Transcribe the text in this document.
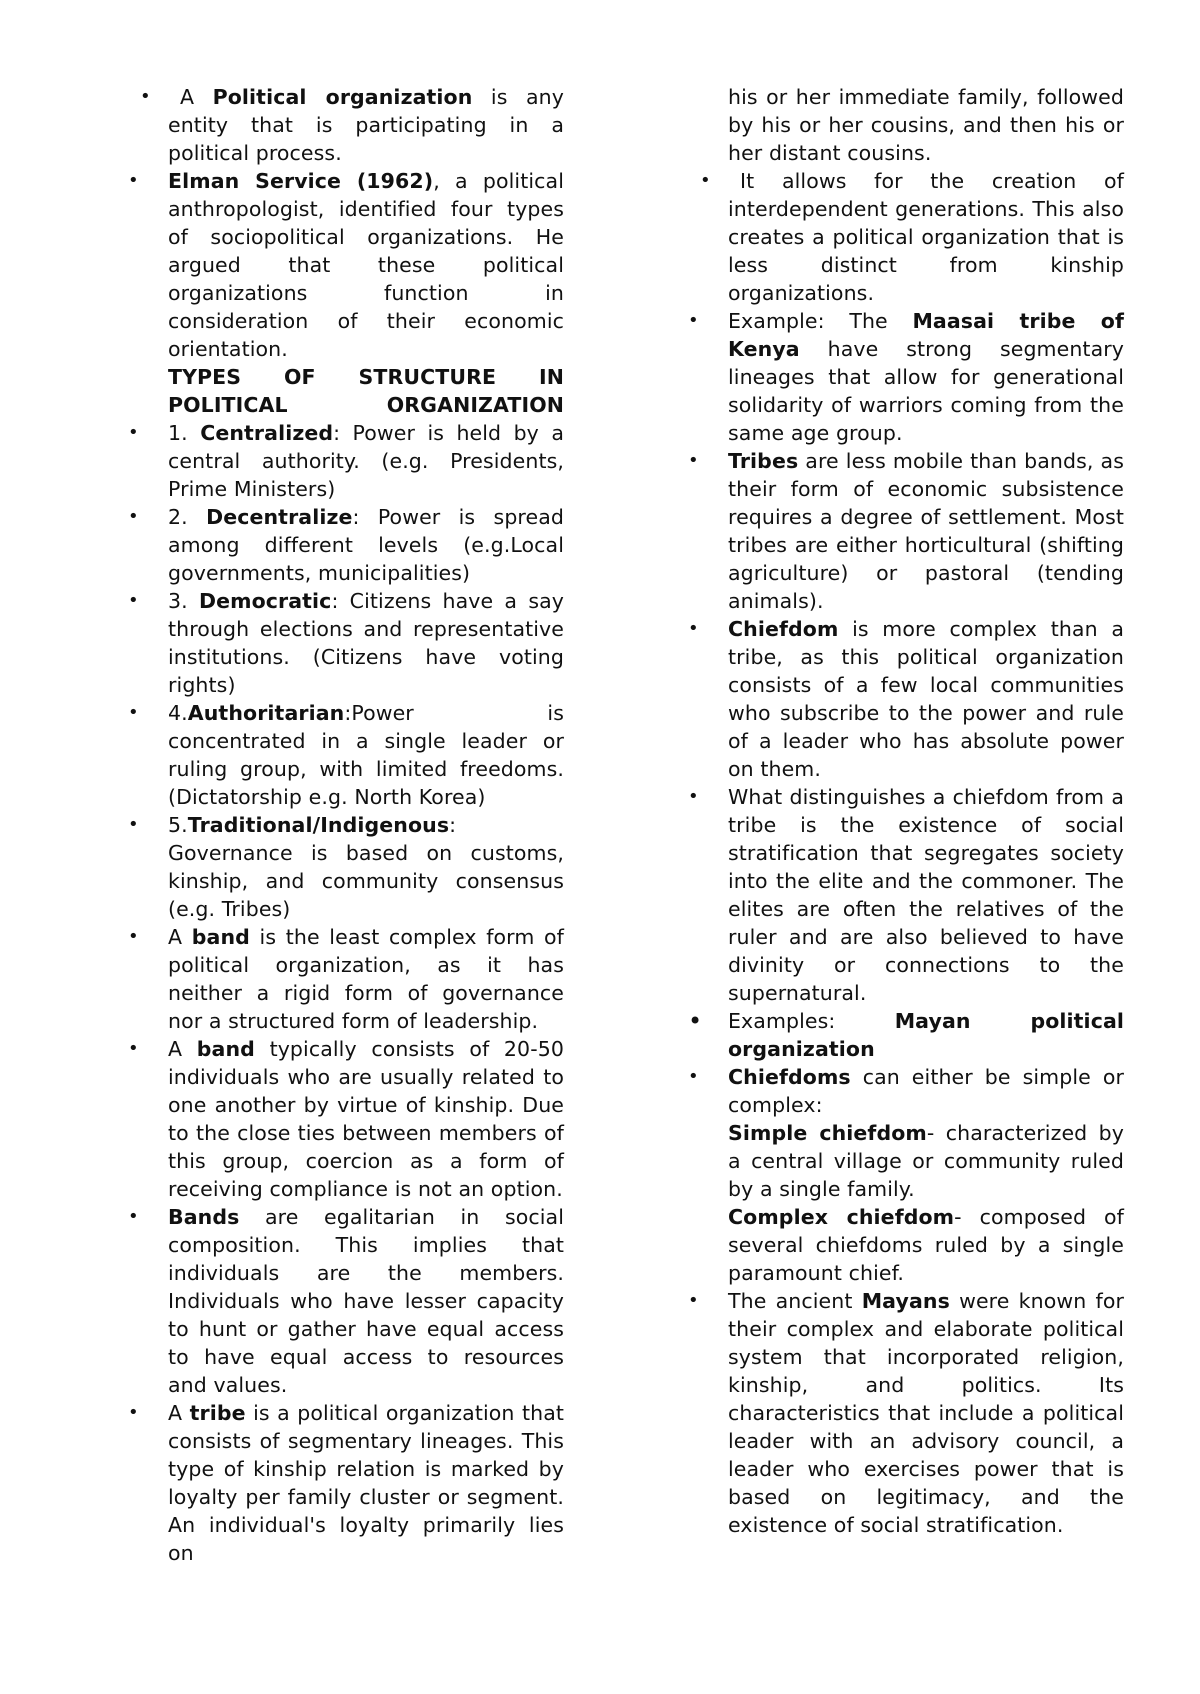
• A Political organization is any entity that is participating in a political process.
• Elman Service (1962), a political anthropologist, identified four types of sociopolitical organizations. He argued that these political organizations function in consideration of their economic orientation.
TYPES OF STRUCTURE IN POLITICAL ORGANIZATION
• 1. Centralized: Power is held by a central authority. (e.g. Presidents, Prime Ministers)
• 2. Decentralize: Power is spread among different levels (e.g.Local governments, municipalities)
• 3. Democratic: Citizens have a say through elections and representative institutions. (Citizens have voting rights)
• 4.Authoritarian:Power is concentrated in a single leader or ruling group, with limited freedoms. (Dictatorship e.g. North Korea)
• 5.Traditional/Indigenous: Governance is based on customs, kinship, and community consensus (e.g. Tribes)
• A band is the least complex form of political organization, as it has neither a rigid form of governance nor a structured form of leadership.
• A band typically consists of 20-50 individuals who are usually related to one another by virtue of kinship. Due to the close ties between members of this group, coercion as a form of receiving compliance is not an option.
• Bands are egalitarian in social composition. This implies that individuals are the members. Individuals who have lesser capacity to hunt or gather have equal access to have equal access to resources and values.
• A tribe is a political organization that consists of segmentary lineages. This type of kinship relation is marked by loyalty per family cluster or segment. An individual's loyalty primarily lies on
his or her immediate family, followed by his or her cousins, and then his or her distant cousins.
• It allows for the creation of interdependent generations. This also creates a political organization that is less distinct from kinship organizations.
• Example: The Maasai tribe of Kenya have strong segmentary lineages that allow for generational solidarity of warriors coming from the same age group.
• Tribes are less mobile than bands, as their form of economic subsistence requires a degree of settlement. Most tribes are either horticultural (shifting agriculture) or pastoral (tending animals).
• Chiefdom is more complex than a tribe, as this political organization consists of a few local communities who subscribe to the power and rule of a leader who has absolute power on them.
• What distinguishes a chiefdom from a tribe is the existence of social stratification that segregates society into the elite and the commoner. The elites are often the relatives of the ruler and are also believed to have divinity or connections to the supernatural.
• Examples: Mayan political organization
• Chiefdoms can either be simple or complex:
Simple chiefdom- characterized by a central village or community ruled by a single family.
Complex chiefdom- composed of several chiefdoms ruled by a single paramount chief.
• The ancient Mayans were known for their complex and elaborate political system that incorporated religion, kinship, and politics. Its characteristics that include a political leader with an advisory council, a leader who exercises power that is based on legitimacy, and the existence of social stratification.
